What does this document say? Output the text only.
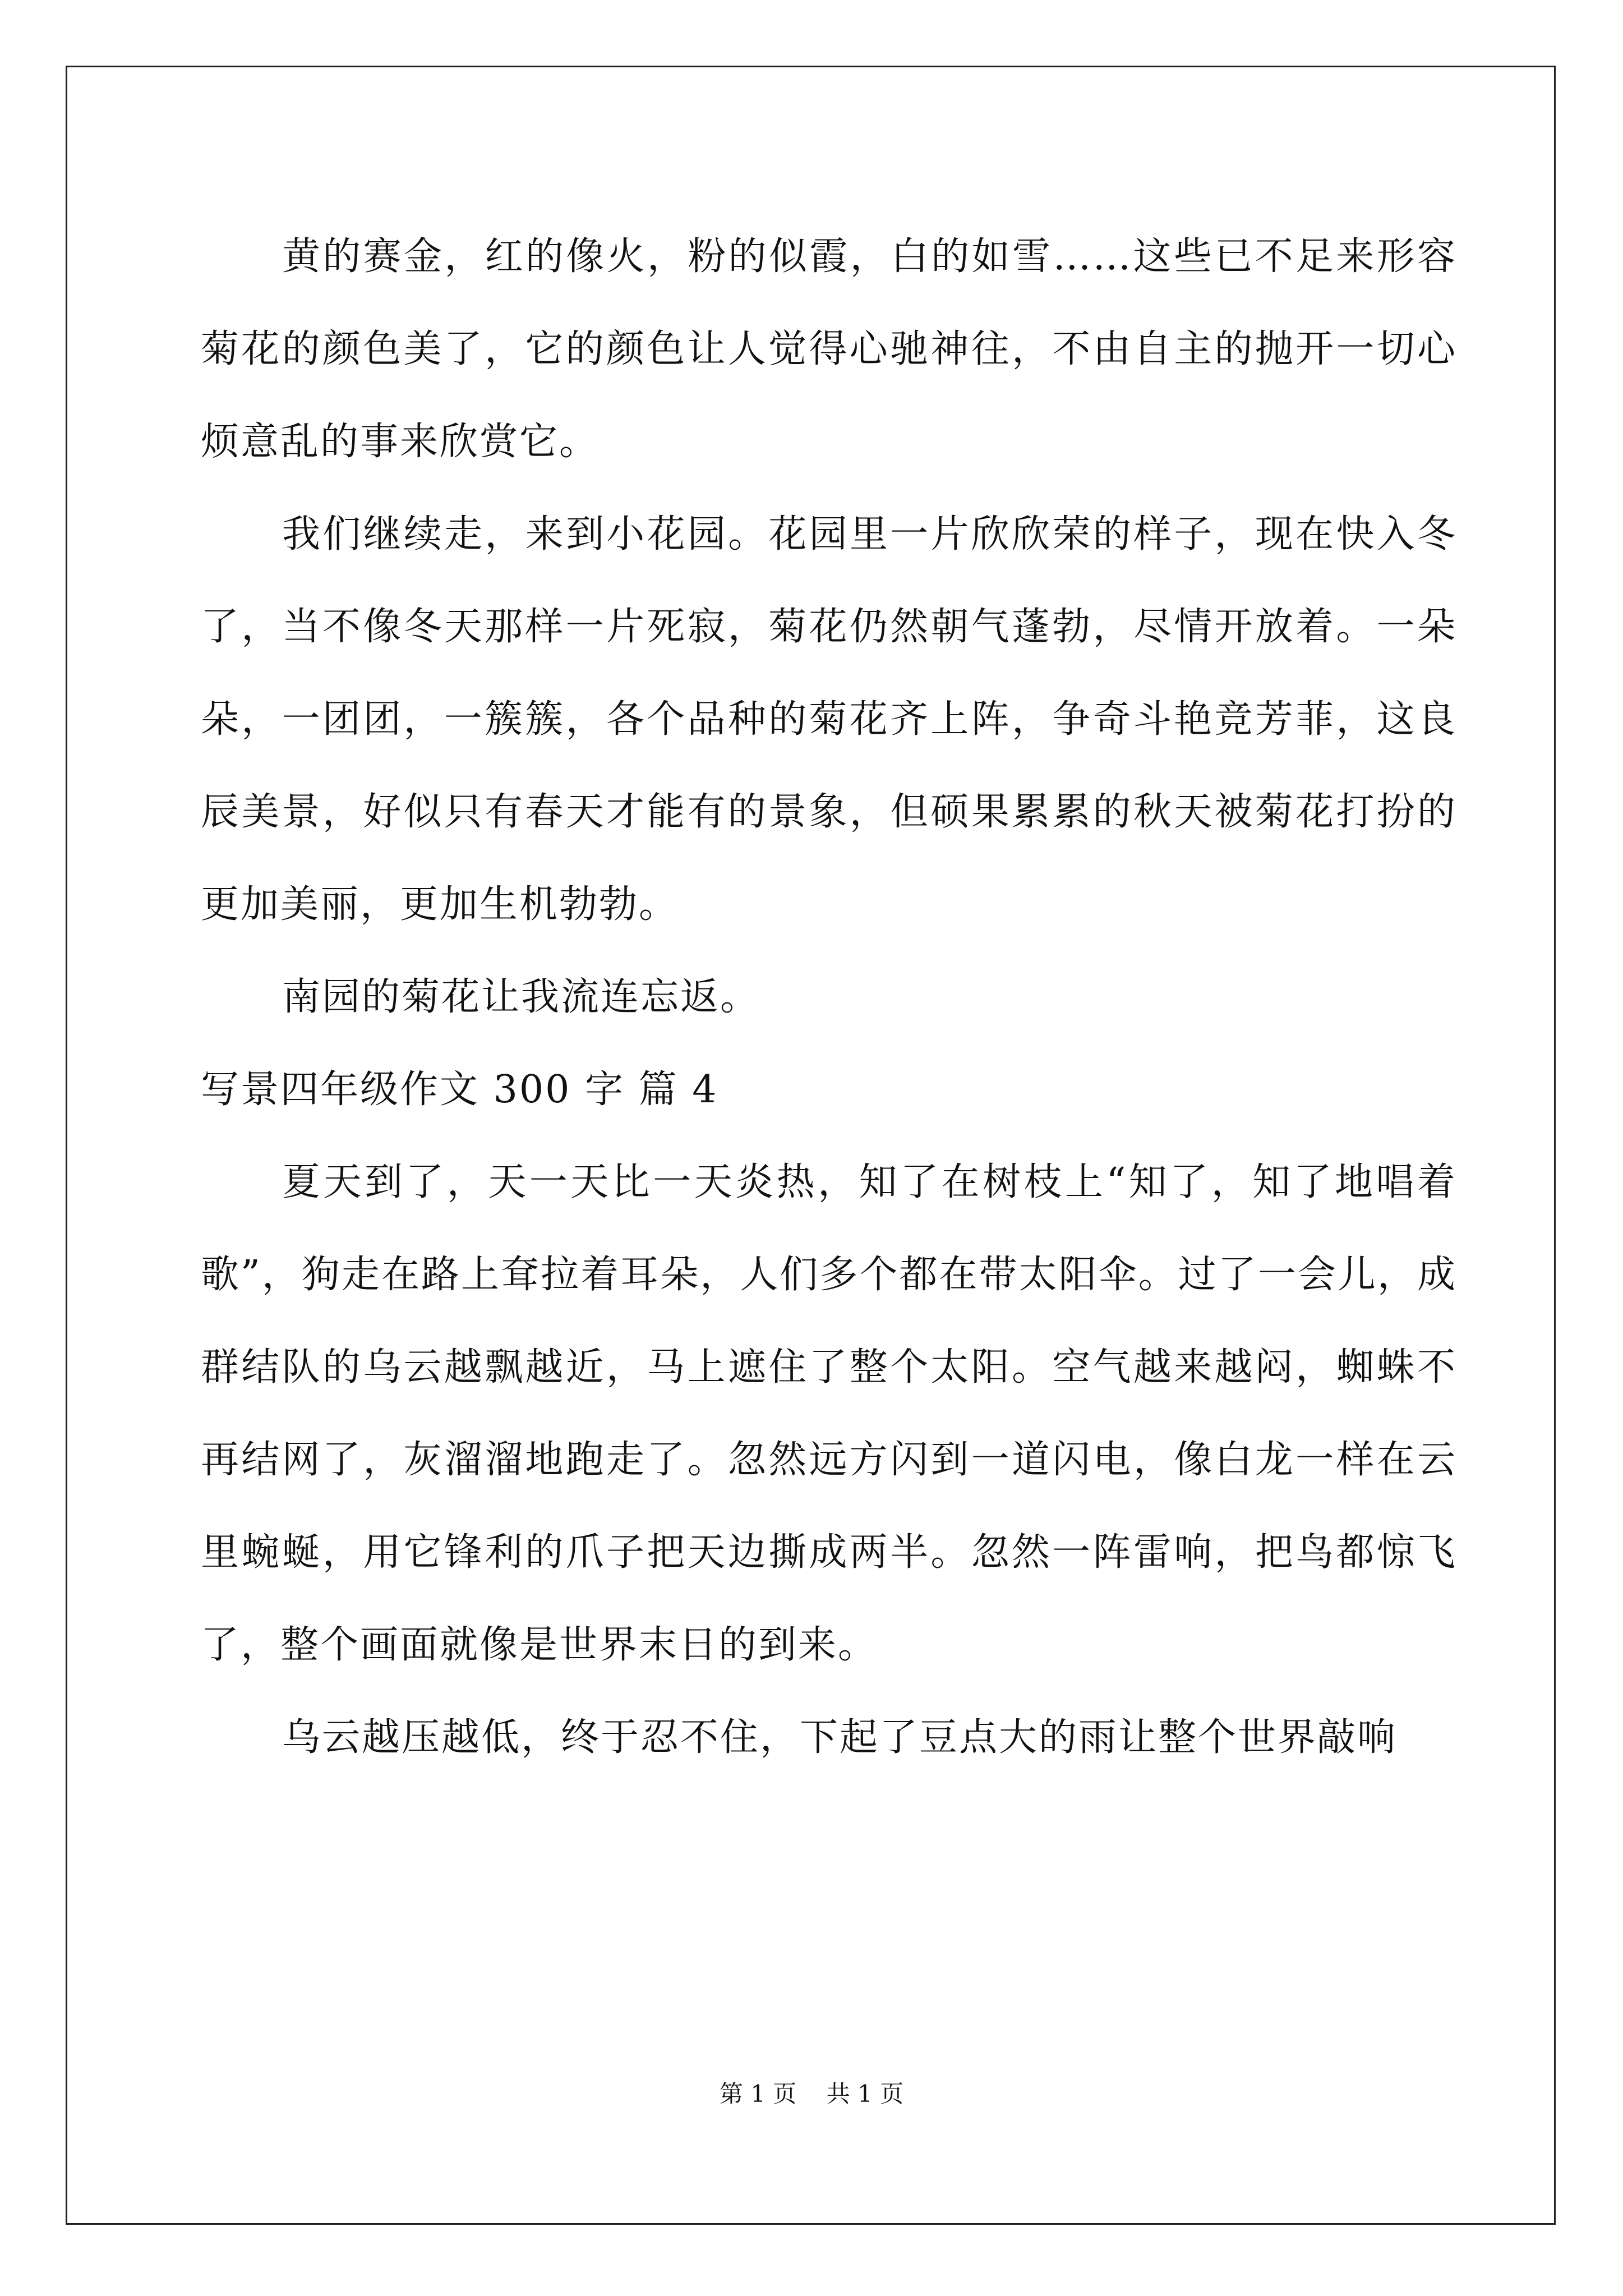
黄的赛金，红的像火，粉的似霞，白的如雪……这些已不足来形容菊花的颜色美了，它的颜色让人觉得心驰神往，不由自主的抛开一切心烦意乱的事来欣赏它。

我们继续走，来到小花园。花园里一片欣欣荣的样子，现在快入冬了，当不像冬天那样一片死寂，菊花仍然朝气蓬勃，尽情开放着。一朵朵，一团团，一簇簇，各个品种的菊花齐上阵，争奇斗艳竞芳菲，这良辰美景，好似只有春天才能有的景象，但硕果累累的秋天被菊花打扮的更加美丽，更加生机勃勃。

南园的菊花让我流连忘返。

写景四年级作文 300 字 篇 4

夏天到了，天一天比一天炎热，知了在树枝上“知了，知了地唱着歌”，狗走在路上耷拉着耳朵，人们多个都在带太阳伞。过了一会儿，成群结队的乌云越飘越近，马上遮住了整个太阳。空气越来越闷，蜘蛛不再结网了，灰溜溜地跑走了。忽然远方闪到一道闪电，像白龙一样在云里蜿蜒，用它锋利的爪子把天边撕成两半。忽然一阵雷响，把鸟都惊飞了，整个画面就像是世界末日的到来。

乌云越压越低，终于忍不住，下起了豆点大的雨让整个世界敲响

第 1 页    共 1 页
